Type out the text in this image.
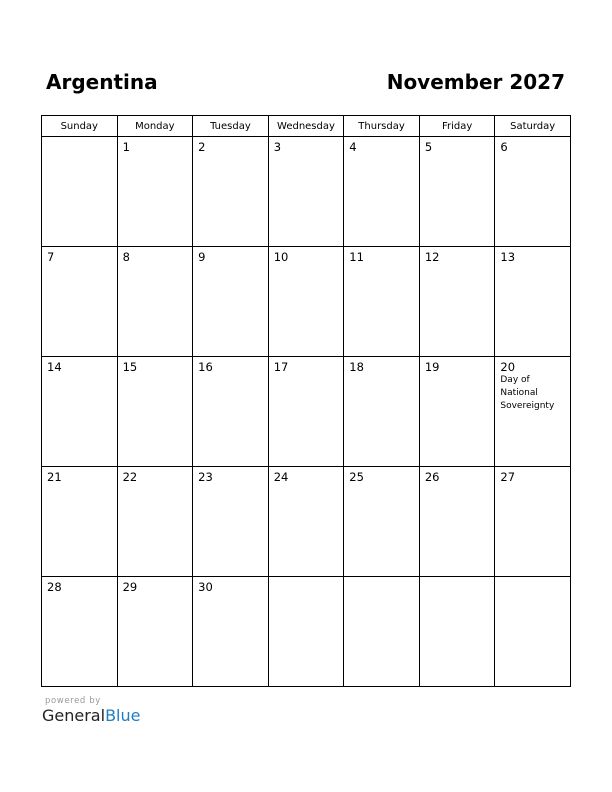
Argentina	November 2027
Sunday	Monday	Tuesday	Wednesday	Thursday	Friday	Saturday

	1	2	3	4	5	6

7	8	9	10	11	12	13

14	15	16	17	18	19	20
Day of
National
Sovereignty

21	22	23	24	25	26	27

28	29	30				

powered by
GeneralBlue
